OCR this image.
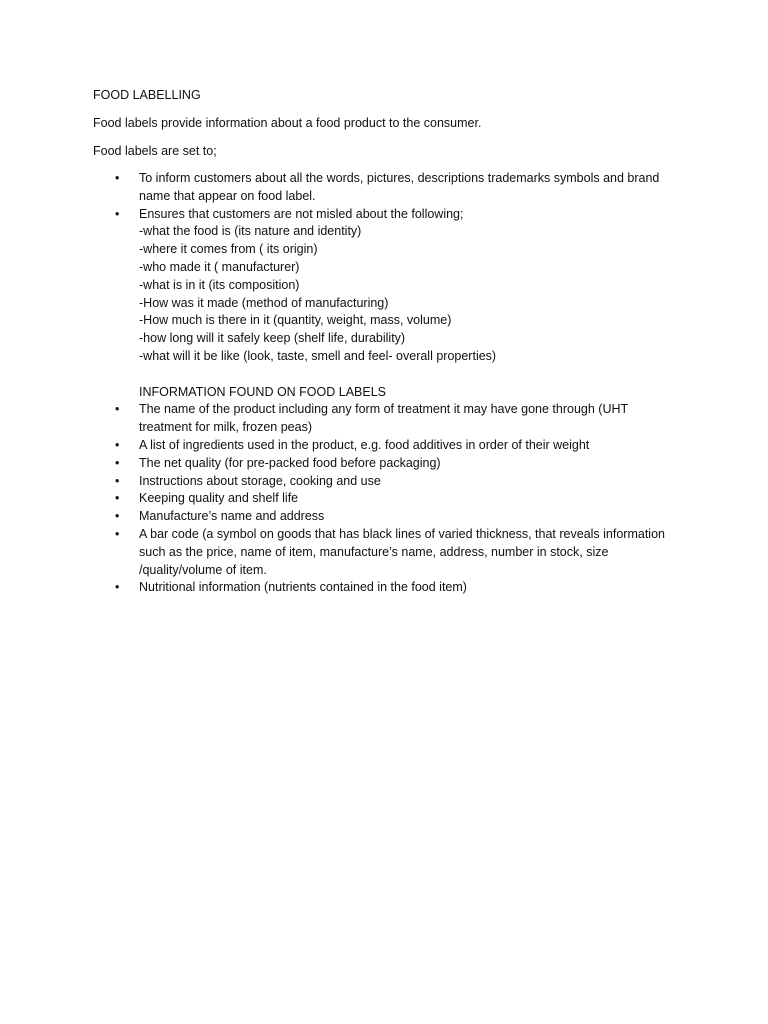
FOOD LABELLING

Food labels provide information about a food product to the consumer.

Food labels are set to;

• To inform customers about all the words, pictures, descriptions trademarks symbols and brand name that appear on food label.
• Ensures that customers are not misled about the following;
-what the food is (its nature and identity)
-where it comes from ( its origin)
-who made it ( manufacturer)
-what is in it (its composition)
-How was it made (method of manufacturing)
-How much is there in it (quantity, weight, mass, volume)
-how long will it safely keep (shelf life, durability)
-what will it be like (look, taste, smell and feel- overall properties)
INFORMATION FOUND ON FOOD LABELS
• The name of the product including any form of treatment it may have gone through (UHT treatment for milk, frozen peas)
• A list of ingredients used in the product, e.g. food additives in order of their weight
• The net quality (for pre-packed food before packaging)
• Instructions about storage, cooking and use
• Keeping quality and shelf life
• Manufacture’s name and address
• A bar code (a symbol on goods that has black lines of varied thickness, that reveals information such as the price, name of item, manufacture’s name, address, number in stock, size /quality/volume of item.
• Nutritional information (nutrients contained in the food item)
